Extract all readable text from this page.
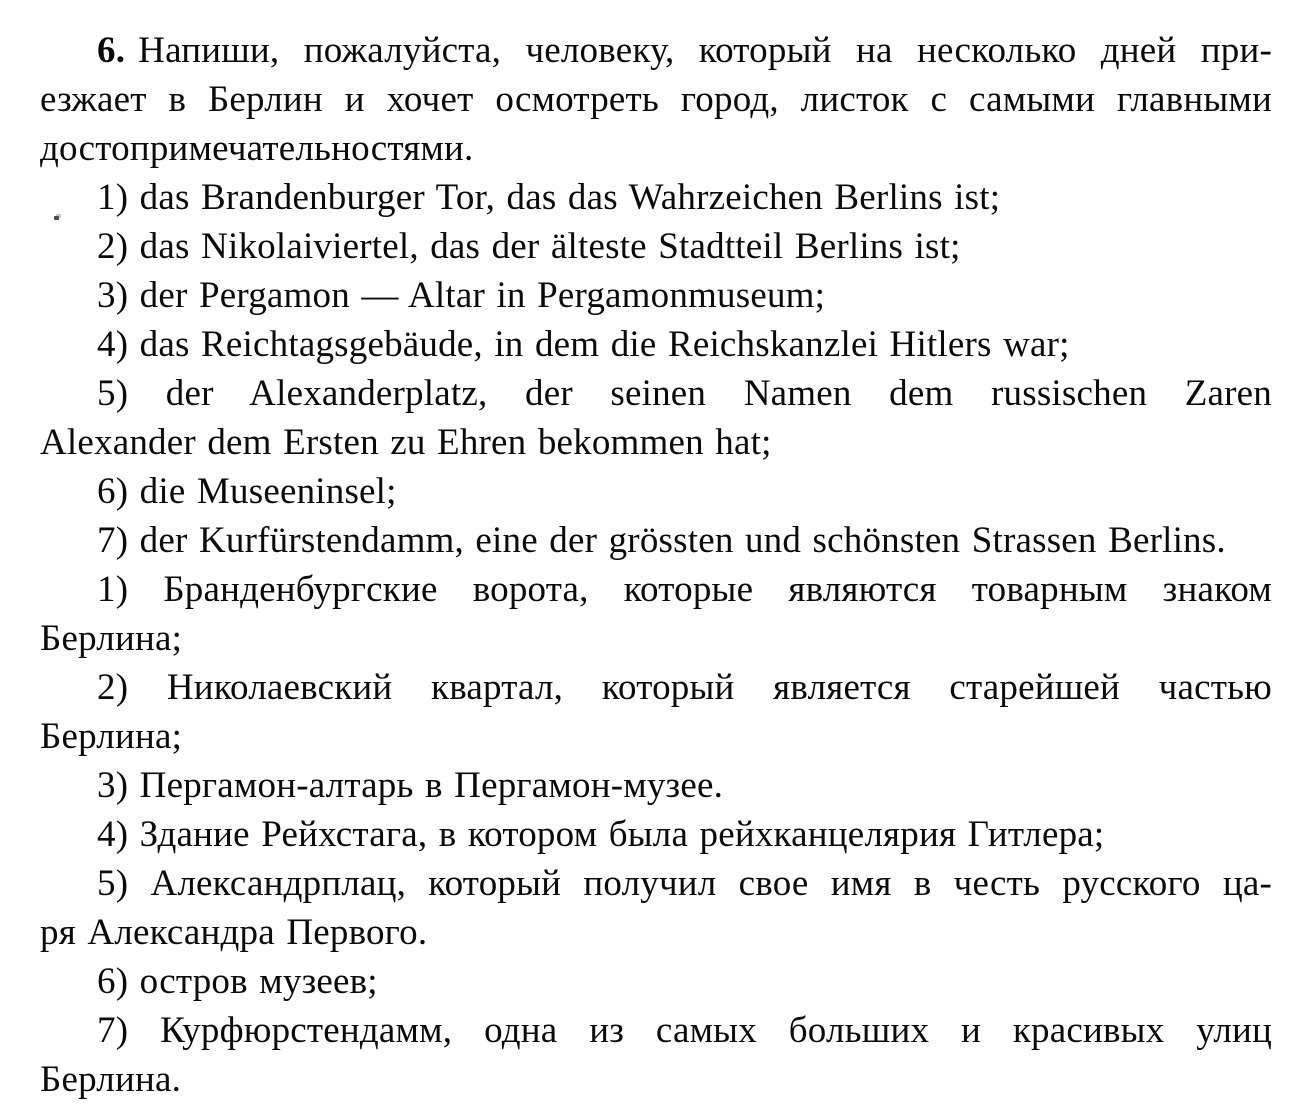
6. Напиши, пожалуйста, человеку, который на несколько дней при-
езжает в Берлин и хочет осмотреть город, листок с самыми главными
достопримечательностями.
1) das Brandenburger Tor, das das Wahrzeichen Berlins ist;
2) das Nikolaiviertel, das der älteste Stadtteil Berlins ist;
3) der Pergamon — Altar in Pergamonmuseum;
4) das Reichtagsgebäude, in dem die Reichskanzlei Hitlers war;
5) der Alexanderplatz, der seinen Namen dem russischen Zaren
Alexander dem Ersten zu Ehren bekommen hat;
6) die Museeninsel;
7) der Kurfürstendamm, eine der grössten und schönsten Strassen Berlins.
1) Бранденбургские ворота, которые являются товарным знаком
Берлина;
2) Николаевский квартал, который является старейшей частью
Берлина;
3) Пергамон-алтарь в Пергамон-музее.
4) Здание Рейхстага, в котором была рейхканцелярия Гитлера;
5) Александрплац, который получил свое имя в честь русского ца-
ря Александра Первого.
6) остров музеев;
7) Курфюрстендамм, одна из самых больших и красивых улиц
Берлина.
